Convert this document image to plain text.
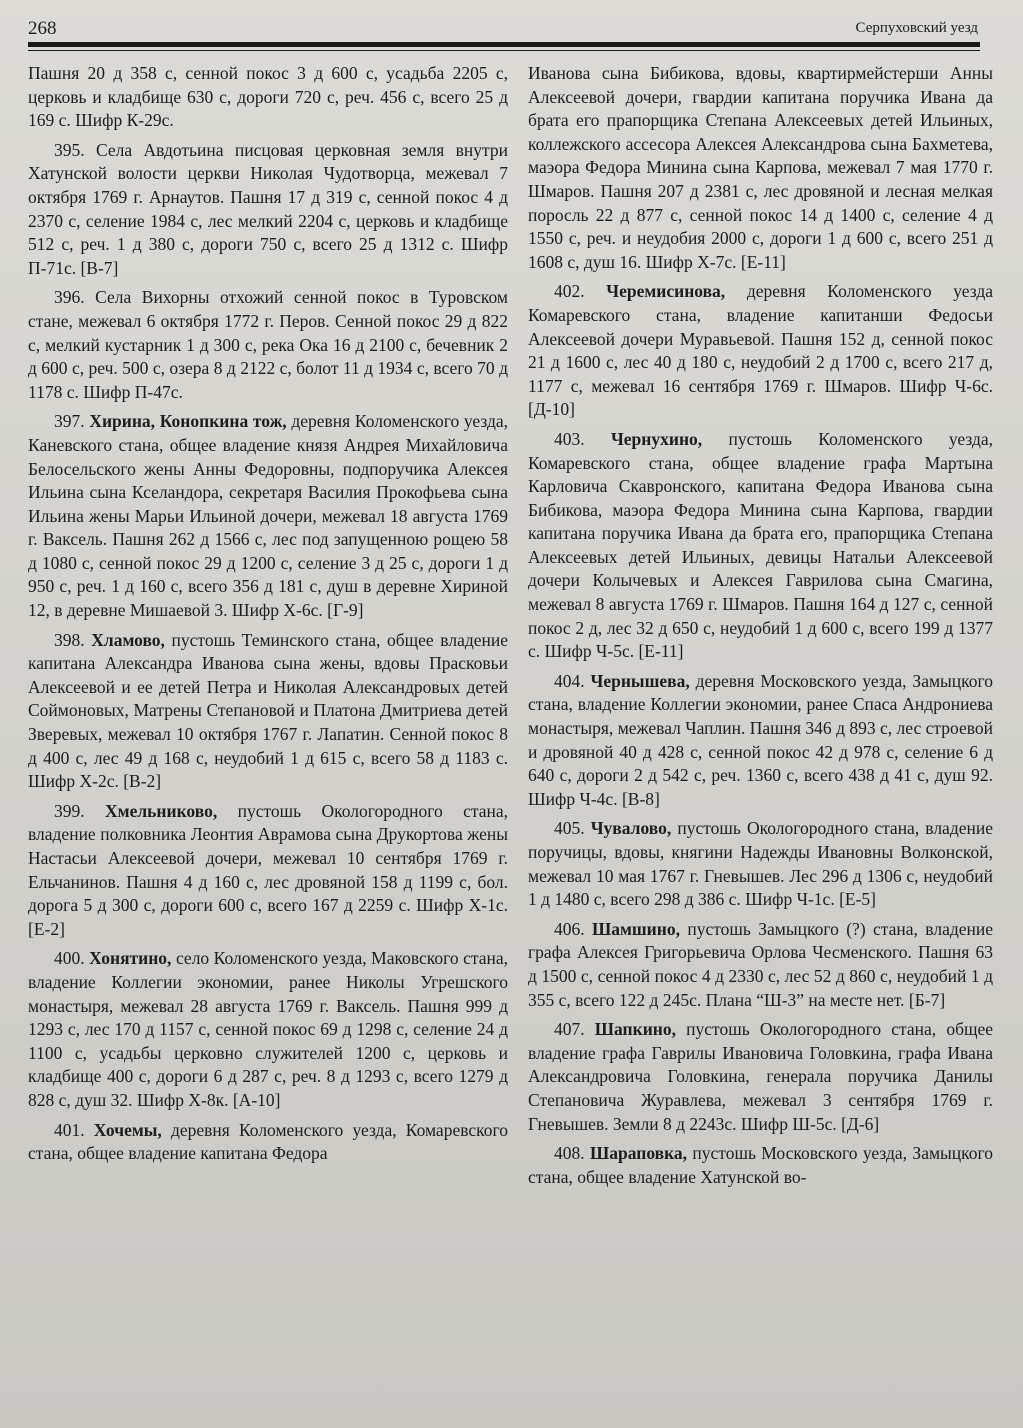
268	Серпуховский уезд

Пашня 20 д 358 с, сенной покос 3 д 600 с, усадьба 2205 с, церковь и кладбище 630 с, дороги 720 с, реч. 456 с, всего 25 д 169 с. Шифр К-29с.

395. Села Авдотьина писцовая церковная земля внутри Хатунской волости церкви Николая Чудотворца, межевал 7 октября 1769 г. Арнаутов. Пашня 17 д 319 с, сенной покос 4 д 2370 с, селение 1984 с, лес мелкий 2204 с, церковь и кладбище 512 с, реч. 1 д 380 с, дороги 750 с, всего 25 д 1312 с. Шифр П-71с. [В-7]

396. Села Вихорны отхожий сенной покос в Туровском стане, межевал 6 октября 1772 г. Перов. Сенной покос 29 д 822 с, мелкий кустарник 1 д 300 с, река Ока 16 д 2100 с, бечевник 2 д 600 с, реч. 500 с, озера 8 д 2122 с, болот 11 д 1934 с, всего 70 д 1178 с. Шифр П-47с.

397. Хирина, Конопкина тож, деревня Коломенского уезда, Каневского стана, общее владение князя Андрея Михайловича Белосельского жены Анны Федоровны, подпоручика Алексея Ильина сына Кселандора, секретаря Василия Прокофьева сына Ильина жены Марьи Ильиной дочери, межевал 18 августа 1769 г. Ваксель. Пашня 262 д 1566 с, лес под запущенною рощею 58 д 1080 с, сенной покос 29 д 1200 с, селение 3 д 25 с, дороги 1 д 950 с, реч. 1 д 160 с, всего 356 д 181 с, душ в деревне Хириной 12, в деревне Мишаевой 3. Шифр Х-6с. [Г-9]

398. Хламово, пустошь Теминского стана, общее владение капитана Александра Иванова сына жены, вдовы Прасковьи Алексеевой и ее детей Петра и Николая Александровых детей Соймоновых, Матрены Степановой и Платона Дмитриева детей Зверевых, межевал 10 октября 1767 г. Лапатин. Сенной покос 8 д 400 с, лес 49 д 168 с, неудобий 1 д 615 с, всего 58 д 1183 с. Шифр Х-2с. [В-2]

399. Хмельниково, пустошь Окологородного стана, владение полковника Леонтия Аврамова сына Друкортова жены Настасьи Алексеевой дочери, межевал 10 сентября 1769 г. Ельчанинов. Пашня 4 д 160 с, лес дровяной 158 д 1199 с, бол. дорога 5 д 300 с, дороги 600 с, всего 167 д 2259 с. Шифр Х-1с. [Е-2]

400. Хонятино, село Коломенского уезда, Маковского стана, владение Коллегии экономии, ранее Николы Угрешского монастыря, межевал 28 августа 1769 г. Ваксель. Пашня 999 д 1293 с, лес 170 д 1157 с, сенной покос 69 д 1298 с, селение 24 д 1100 с, усадьбы церковно служителей 1200 с, церковь и кладбище 400 с, дороги 6 д 287 с, реч. 8 д 1293 с, всего 1279 д 828 с, душ 32. Шифр Х-8к. [А-10]

401. Хочемы, деревня Коломенского уезда, Комаревского стана, общее владение капитана Федора

Иванова сына Бибикова, вдовы, квартирмейстерши Анны Алексеевой дочери, гвардии капитана поручика Ивана да брата его прапорщика Степана Алексеевых детей Ильиных, коллежского ассесора Алексея Александрова сына Бахметева, маэора Федора Минина сына Карпова, межевал 7 мая 1770 г. Шмаров. Пашня 207 д 2381 с, лес дровяной и лесная мелкая поросль 22 д 877 с, сенной покос 14 д 1400 с, селение 4 д 1550 с, реч. и неудобия 2000 с, дороги 1 д 600 с, всего 251 д 1608 с, душ 16. Шифр Х-7с. [Е-11]

402. Черемисинова, деревня Коломенского уезда Комаревского стана, владение капитанши Федосьи Алексеевой дочери Муравьевой. Пашня 152 д, сенной покос 21 д 1600 с, лес 40 д 180 с, неудобий 2 д 1700 с, всего 217 д, 1177 с, межевал 16 сентября 1769 г. Шмаров. Шифр Ч-6с. [Д-10]

403. Чернухино, пустошь Коломенского уезда, Комаревского стана, общее владение графа Мартына Карловича Скавронского, капитана Федора Иванова сына Бибикова, маэора Федора Минина сына Карпова, гвардии капитана поручика Ивана да брата его, прапорщика Степана Алексеевых детей Ильиных, девицы Натальи Алексеевой дочери Колычевых и Алексея Гаврилова сына Смагина, межевал 8 августа 1769 г. Шмаров. Пашня 164 д 127 с, сенной покос 2 д, лес 32 д 650 с, неудобий 1 д 600 с, всего 199 д 1377 с. Шифр Ч-5с. [Е-11]

404. Чернышева, деревня Московского уезда, Замыцкого стана, владение Коллегии экономии, ранее Спаса Андрониева монастыря, межевал Чаплин. Пашня 346 д 893 с, лес строевой и дровяной 40 д 428 с, сенной покос 42 д 978 с, селение 6 д 640 с, дороги 2 д 542 с, реч. 1360 с, всего 438 д 41 с, душ 92. Шифр Ч-4с. [В-8]

405. Чувалово, пустошь Окологородного стана, владение поручицы, вдовы, княгини Надежды Ивановны Волконской, межевал 10 мая 1767 г. Гневышев. Лес 296 д 1306 с, неудобий 1 д 1480 с, всего 298 д 386 с. Шифр Ч-1с. [Е-5]

406. Шамшино, пустошь Замыцкого (?) стана, владение графа Алексея Григорьевича Орлова Чесменского. Пашня 63 д 1500 с, сенной покос 4 д 2330 с, лес 52 д 860 с, неудобий 1 д 355 с, всего 122 д 245с. Плана “Ш-3” на месте нет. [Б-7]

407. Шапкино, пустошь Окологородного стана, общее владение графа Гаврилы Ивановича Головкина, графа Ивана Александровича Головкина, генерала поручика Данилы Степановича Журавлева, межевал 3 сентября 1769 г. Гневышев. Земли 8 д 2243с. Шифр Ш-5с. [Д-6]

408. Шараповка, пустошь Московского уезда, Замыцкого стана, общее владение Хатунской во-
